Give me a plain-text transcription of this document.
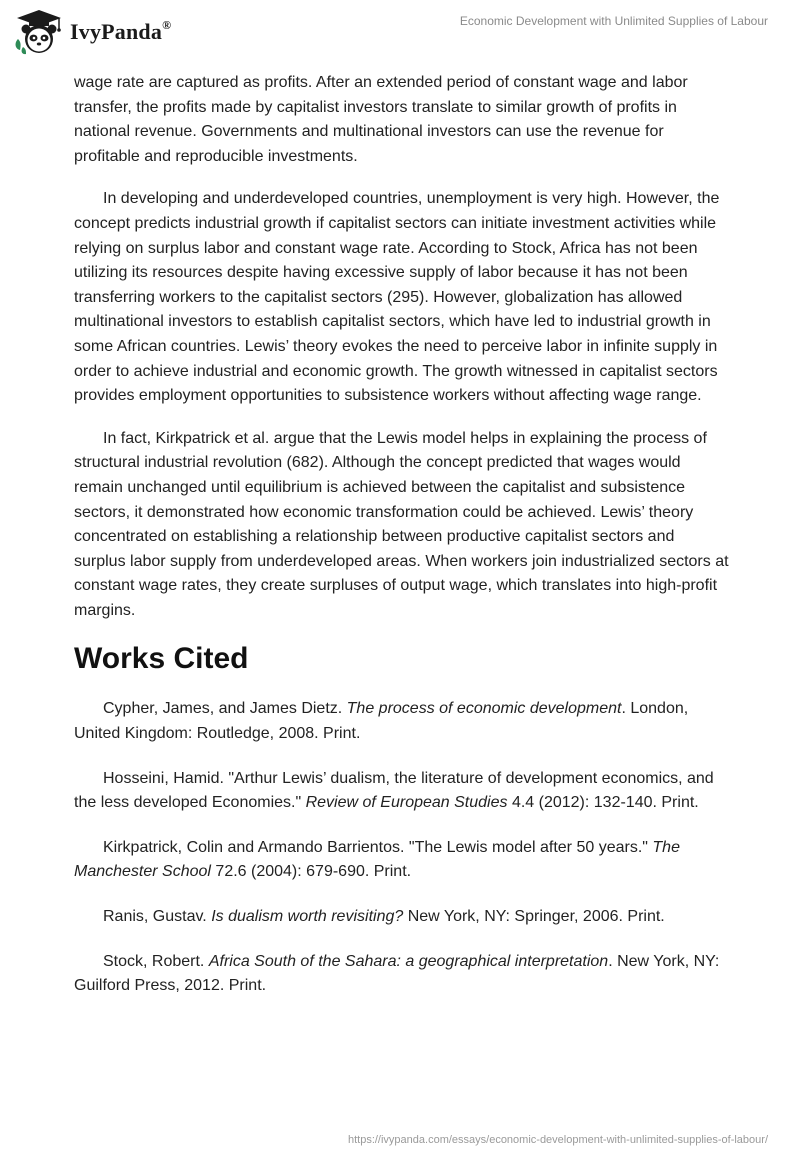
IvyPanda®	Economic Development with Unlimited Supplies of Labour

wage rate are captured as profits. After an extended period of constant wage and labor transfer, the profits made by capitalist investors translate to similar growth of profits in national revenue. Governments and multinational investors can use the revenue for profitable and reproducible investments.

In developing and underdeveloped countries, unemployment is very high. However, the concept predicts industrial growth if capitalist sectors can initiate investment activities while relying on surplus labor and constant wage rate. According to Stock, Africa has not been utilizing its resources despite having excessive supply of labor because it has not been transferring workers to the capitalist sectors (295). However, globalization has allowed multinational investors to establish capitalist sectors, which have led to industrial growth in some African countries. Lewis’ theory evokes the need to perceive labor in infinite supply in order to achieve industrial and economic growth. The growth witnessed in capitalist sectors provides employment opportunities to subsistence workers without affecting wage range.

In fact, Kirkpatrick et al. argue that the Lewis model helps in explaining the process of structural industrial revolution (682). Although the concept predicted that wages would remain unchanged until equilibrium is achieved between the capitalist and subsistence sectors, it demonstrated how economic transformation could be achieved. Lewis’ theory concentrated on establishing a relationship between productive capitalist sectors and surplus labor supply from underdeveloped areas. When workers join industrialized sectors at constant wage rates, they create surpluses of output wage, which translates into high-profit margins.

Works Cited

Cypher, James, and James Dietz. The process of economic development. London, United Kingdom: Routledge, 2008. Print.

Hosseini, Hamid. "Arthur Lewis’ dualism, the literature of development economics, and the less developed Economies." Review of European Studies 4.4 (2012): 132-140. Print.

Kirkpatrick, Colin and Armando Barrientos. "The Lewis model after 50 years." The Manchester School 72.6 (2004): 679-690. Print.

Ranis, Gustav. Is dualism worth revisiting? New York, NY: Springer, 2006. Print.

Stock, Robert. Africa South of the Sahara: a geographical interpretation. New York, NY: Guilford Press, 2012. Print.

https://ivypanda.com/essays/economic-development-with-unlimited-supplies-of-labour/
